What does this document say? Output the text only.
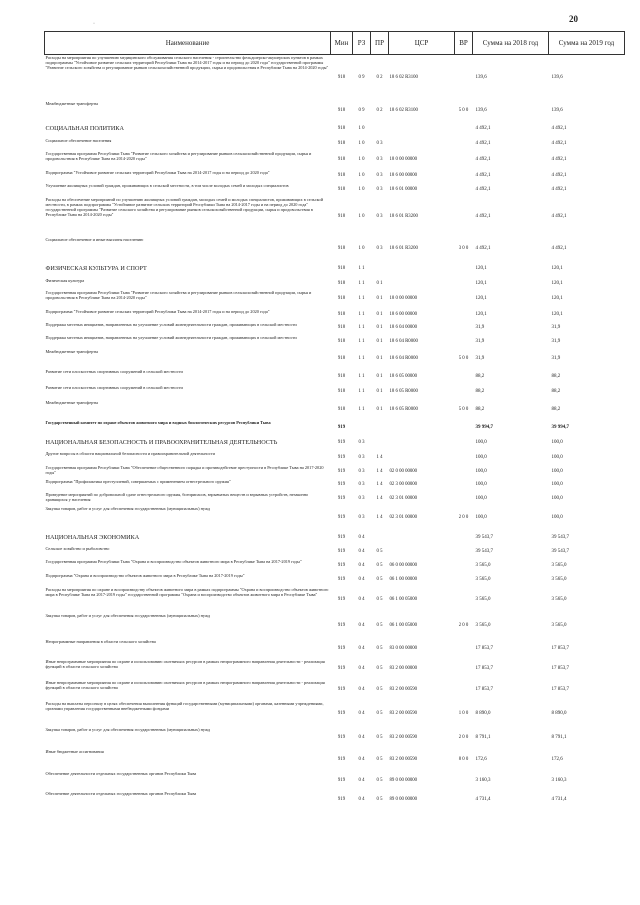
20
·
Наименование	Мин	РЗ	ПР	ЦСР	ВР	Сумма на 2018 год	Сумма на 2019 год
Расходы на мероприятия по улучшению медицинского обслуживания сельского населения - строительство фельдшерско-акушерских пунктов в рамках подпрограммы "Устойчивое развитие сельских территорий Республики Тыва на 2014-2017 годы и на период до 2020 года" государственной программы "Развитие сельского хозяйства и регулирование рынков сельскохозяйственной продукции, сырья и продовольствия в Республике Тыва на 2014-2020 годы"	918	0 9	0 2	18 6 02 R3100		139,6	139,6
Межбюджетные трансферты	918	0 9	0 2	18 6 02 R3100	5 0 0	139,6	139,6
СОЦИАЛЬНАЯ ПОЛИТИКА	918	1 0				4 492,1	4 492,1
Социальное обеспечение населения	918	1 0	0 3			4 492,1	4 492,1
Государственная программа Республики Тыва "Развитие сельского хозяйства и регулирование рынков сельскохозяйственной продукции, сырья и продовольствия в Республике Тыва на 2014-2020 годы"	918	1 0	0 3	18 0 00 00000		4 492,1	4 492,1
Подпрограмма "Устойчивое развитие сельских территорий Республики Тыва на 2014-2017 годы и на период до 2020 года"	918	1 0	0 3	18 6 00 00000		4 492,1	4 492,1
Улучшение жилищных условий граждан, проживающих в сельской местности, в том числе молодых семей и молодых специалистов	918	1 0	0 3	18 6 01 00000		4 492,1	4 492,1
Расходы на обеспечение мероприятий по улучшению жилищных условий граждан, молодых семей и молодых специалистов, проживающих в сельской местности, в рамках подпрограммы "Устойчивое развитие сельских территорий Республики Тыва на 2014-2017 годы и на период до 2020 года" государственной программы "Развитие сельского хозяйства и регулирование рынков сельскохозяйственной продукции, сырья и продовольствия в Республике Тыва на 2014-2020 годы"	918	1 0	0 3	18 6 01 R3200		4 492,1	4 492,1
Социальное обеспечение и иные выплаты населению	918	1 0	0 3	18 6 01 R3200	3 0 0	4 492,1	4 492,1
ФИЗИЧЕСКАЯ КУЛЬТУРА И СПОРТ	918	1 1				120,1	120,1
Физическая культура	918	1 1	0 1			120,1	120,1
Государственная программа Республики Тыва "Развитие сельского хозяйства и регулирование рынков сельскохозяйственной продукции, сырья и продовольствия в Республике Тыва на 2014-2020 годы"	918	1 1	0 1	18 0 00 00000		120,1	120,1
Подпрограмма "Устойчивое развитие сельских территорий Республики Тыва на 2014-2017 годы и на период до 2020 года"	918	1 1	0 1	18 6 00 00000		120,1	120,1
Поддержка местных инициатив, направленных на улучшение условий жизнедеятельности граждан, проживающих в сельской местности	918	1 1	0 1	18 6 04 00000		31,9	31,9
Поддержка местных инициатив, направленных на улучшение условий жизнедеятельности граждан, проживающих в сельской местности	918	1 1	0 1	18 6 04 R0000		31,9	31,9
Межбюджетные трансферты	918	1 1	0 1	18 6 04 R0000	5 0 0	31,9	31,9
Развитие сети плоскостных спортивных сооружений в сельской местности	918	1 1	0 1	18 6 05 00000		88,2	88,2
Развитие сети плоскостных спортивных сооружений в сельской местности	918	1 1	0 1	18 6 05 R0000		88,2	88,2
Межбюджетные трансферты	918	1 1	0 1	18 6 05 R0000	5 0 0	88,2	88,2
Государственный комитет по охране объектов животного мира и водных биологических ресурсов Республики Тыва	919					39 994,7	39 994,7
НАЦИОНАЛЬНАЯ БЕЗОПАСНОСТЬ И ПРАВООХРАНИТЕЛЬНАЯ ДЕЯТЕЛЬНОСТЬ	919	0 3				100,0	100,0
Другие вопросы в области национальной безопасности и правоохранительной деятельности	919	0 3	1 4			100,0	100,0
Государственная программа Республики Тыва "Обеспечение общественного порядка и противодействие преступности в Республике Тыва на 2017-2020 годы"	919	0 3	1 4	02 0 00 00000		100,0	100,0
Подпрограмма "Профилактика преступлений, совершаемых с применением огнестрельного оружия"	919	0 3	1 4	02 3 00 00000		100,0	100,0
Проведение мероприятий по добровольной сдаче огнестрельного оружия, боеприпасов, взрывчатых веществ и взрывных устройств, незаконно хранящихся у населения	919	0 3	1 4	02 3 01 00000		100,0	100,0
Закупка товаров, работ и услуг для обеспечения государственных (муниципальных) нужд	919	0 3	1 4	02 3 01 00000	2 0 0	100,0	100,0
НАЦИОНАЛЬНАЯ ЭКОНОМИКА	919	0 4				39 543,7	39 543,7
Сельское хозяйство и рыболовство	919	0 4	0 5			39 543,7	39 543,7
Государственная программа Республики Тыва "Охрана и воспроизводство объектов животного мира в Республике Тыва на 2017-2019 годы"	919	0 4	0 5	06 0 00 00000		3 565,0	3 565,0
Подпрограмма "Охрана и воспроизводство объектов животного мира в Республике Тыва на 2017-2019 годы"	919	0 4	0 5	06 1 00 00000		3 565,0	3 565,0
Расходы на мероприятия по охране и воспроизводству объектов животного мира в рамках подпрограммы "Охрана и воспроизводство объектов животного мира в Республике Тыва на 2017-2019 годы" государственной программы "Охрана и воспроизводство объектов животного мира в Республике Тыва"	919	0 4	0 5	06 1 00 05000		3 565,0	3 565,0
Закупка товаров, работ и услуг для обеспечения государственных (муниципальных) нужд	919	0 4	0 5	06 1 00 05000	2 0 0	3 565,0	3 565,0
Непрограммные направления в области сельского хозяйства	919	0 4	0 5	83 0 00 00000		17 853,7	17 853,7
Иные непрограммные мероприятия по охране и использованию охотничьих ресурсов в рамках непрограммного направления деятельности - реализация функций в области сельского хозяйства	919	0 4	0 5	83 2 00 00000		17 853,7	17 853,7
Иные непрограммные мероприятия по охране и использованию охотничьих ресурсов в рамках непрограммного направления деятельности - реализация функций в области сельского хозяйства	919	0 4	0 5	83 2 00 00590		17 853,7	17 853,7
Расходы на выплаты персоналу в целях обеспечения выполнения функций государственными (муниципальными) органами, казенными учреждениями, органами управления государственными внебюджетными фондами	919	0 4	0 5	83 2 00 00590	1 0 0	8 890,0	8 890,0
Закупка товаров, работ и услуг для обеспечения государственных (муниципальных) нужд	919	0 4	0 5	83 2 00 00590	2 0 0	8 791,1	8 791,1
Иные бюджетные ассигнования	919	0 4	0 5	83 2 00 00590	8 0 0	172,6	172,6
Обеспечение деятельности отдельных государственных органов Республики Тыва	919	0 4	0 5	89 0 00 00000		3 160,3	3 160,3
Обеспечение деятельности отдельных государственных органов Республики Тыва	919	0 4	0 5	89 0 00 00000		4 731,4	4 731,4
